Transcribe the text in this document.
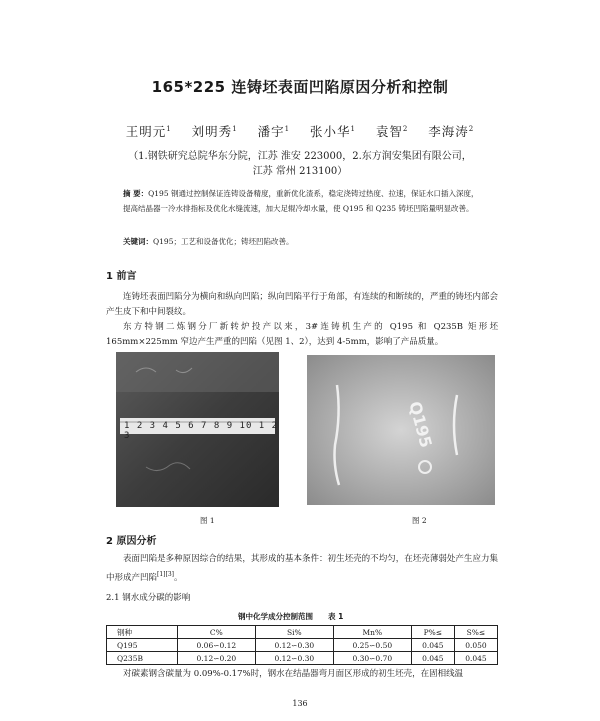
165*225 连铸坯表面凹陷原因分析和控制
王明元$^1$ 刘明秀$^1$ 潘宇$^1$ 张小华$^1$ 袁智$^2$ 李海涛$^2$
（1.钢铁研究总院华东分院，江苏 淮安 223000，2.东方润安集团有限公司，
江苏 常州 213100）
摘 要：Q195 钢通过控制保证连铸设备精度，重新优化渣系，稳定浇铸过热度、拉速，保证水口插入深度，提高结晶器一冷水排指标及优化水缝流速，加大足辊冷却水量，使 Q195 和 Q235 铸坯凹陷量明显改善。
关键词：Q195；工艺和设备优化；铸坯凹陷改善。
1 前言
连铸坯表面凹陷分为横向和纵向凹陷；纵向凹陷平行于角部，有连续的和断续的，严重的铸坯内部会产生皮下和中间裂纹。
东方特钢二炼钢分厂新转炉投产以来，3#连铸机生产的 Q195 和 Q235B 矩形坯 165mm×225mm 窄边产生严重的凹陷（见图 1、2），达到 4-5mm，影响了产品质量。
1 2 3 4 5 6 7 8 9 10 1 2 3
图 1
Q195
图 2
2 原因分析
表面凹陷是多种原因综合的结果，其形成的基本条件：初生坯壳的不均匀，在坯壳薄弱处产生应力集中形成产凹陷[1][3]。
2.1 钢水成分碳的影响
钢中化学成分控制范围　　表 1
钢种	C%	Si%	Mn%	P%≤	S%≤
Q195	0.06∽0.12	0.12∽0.30	0.25∽0.50	0.045	0.050
Q235B	0.12∽0.20	0.12∽0.30	0.30∽0.70	0.045	0.045
对碳素钢含碳量为 0.09%-0.17%时，钢水在结晶器弯月面区形成的初生坯壳，在固相线温
136
